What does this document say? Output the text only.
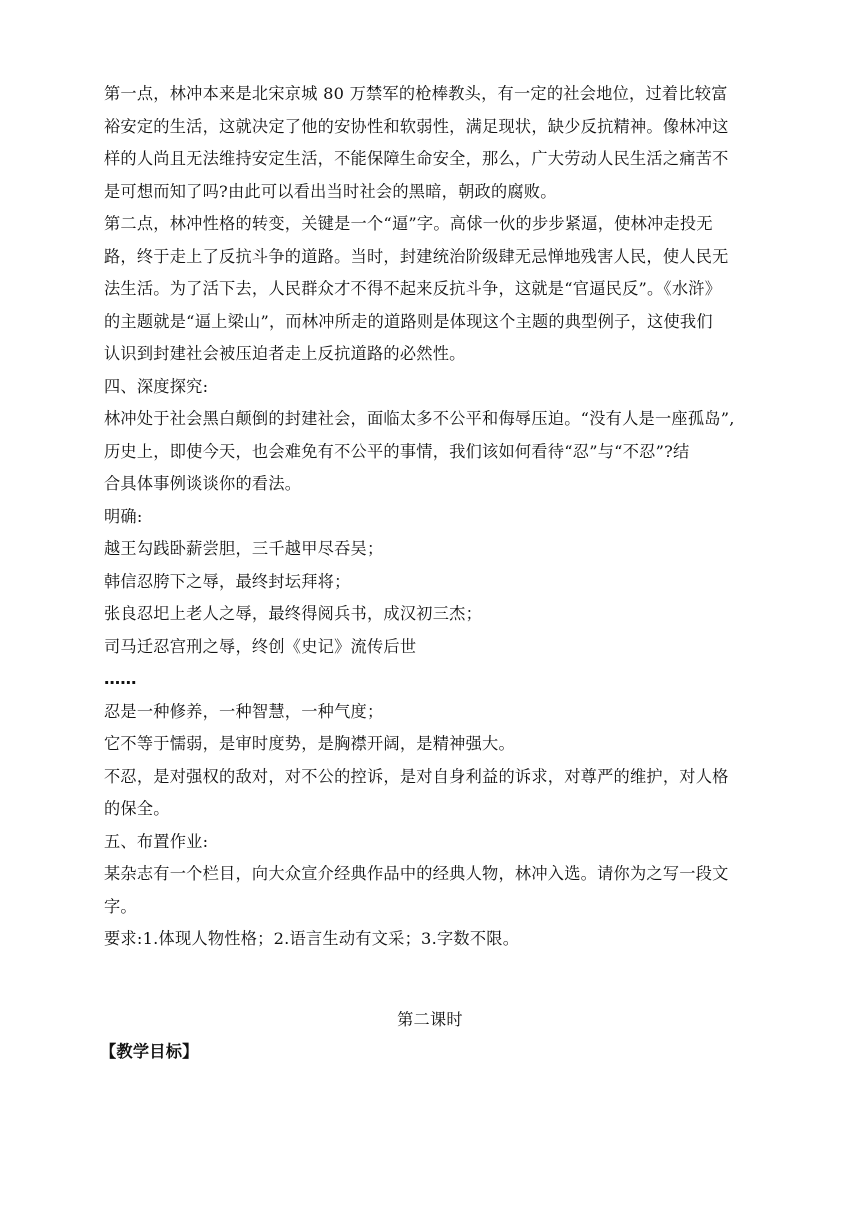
第一点，林冲本来是北宋京城 80 万禁军的枪棒教头，有一定的社会地位，过着比较富
裕安定的生活，这就决定了他的安协性和软弱性，满足现状，缺少反抗精神。像林冲这
样的人尚且无法维持安定生活，不能保障生命安全，那么，广大劳动人民生活之痛苦不
是可想而知了吗?由此可以看出当时社会的黑暗，朝政的腐败。
第二点，林冲性格的转变，关键是一个“逼”字。高俅一伙的步步紧逼，使林冲走投无
路，终于走上了反抗斗争的道路。当时，封建统治阶级肆无忌惮地残害人民，使人民无
法生活。为了活下去，人民群众才不得不起来反抗斗争，这就是“官逼民反”。《水浒》
的主题就是“逼上梁山”，而林冲所走的道路则是体现这个主题的典型例子，这使我们
认识到封建社会被压迫者走上反抗道路的必然性。
四、深度探究:
林冲处于社会黑白颠倒的封建社会，面临太多不公平和侮辱压迫。“没有人是一座孤岛”,
历史上，即使今天，也会难免有不公平的事情，我们该如何看待“忍”与“不忍”?结
合具体事例谈谈你的看法。
明确:
越王勾践卧薪尝胆，三千越甲尽吞吴；
韩信忍胯下之辱，最终封坛拜将；
张良忍圯上老人之辱，最终得阅兵书，成汉初三杰；
司马迁忍宫刑之辱，终创《史记》流传后世
……
忍是一种修养，一种智慧，一种气度；
它不等于懦弱，是审时度势，是胸襟开阔，是精神强大。
不忍，是对强权的敌对，对不公的控诉，是对自身利益的诉求，对尊严的维护，对人格
的保全。
五、布置作业:
某杂志有一个栏目，向大众宣介经典作品中的经典人物，林冲入选。请你为之写一段文
字。
要求:1.体现人物性格；2.语言生动有文采；3.字数不限。
第二课时
【教学目标】
